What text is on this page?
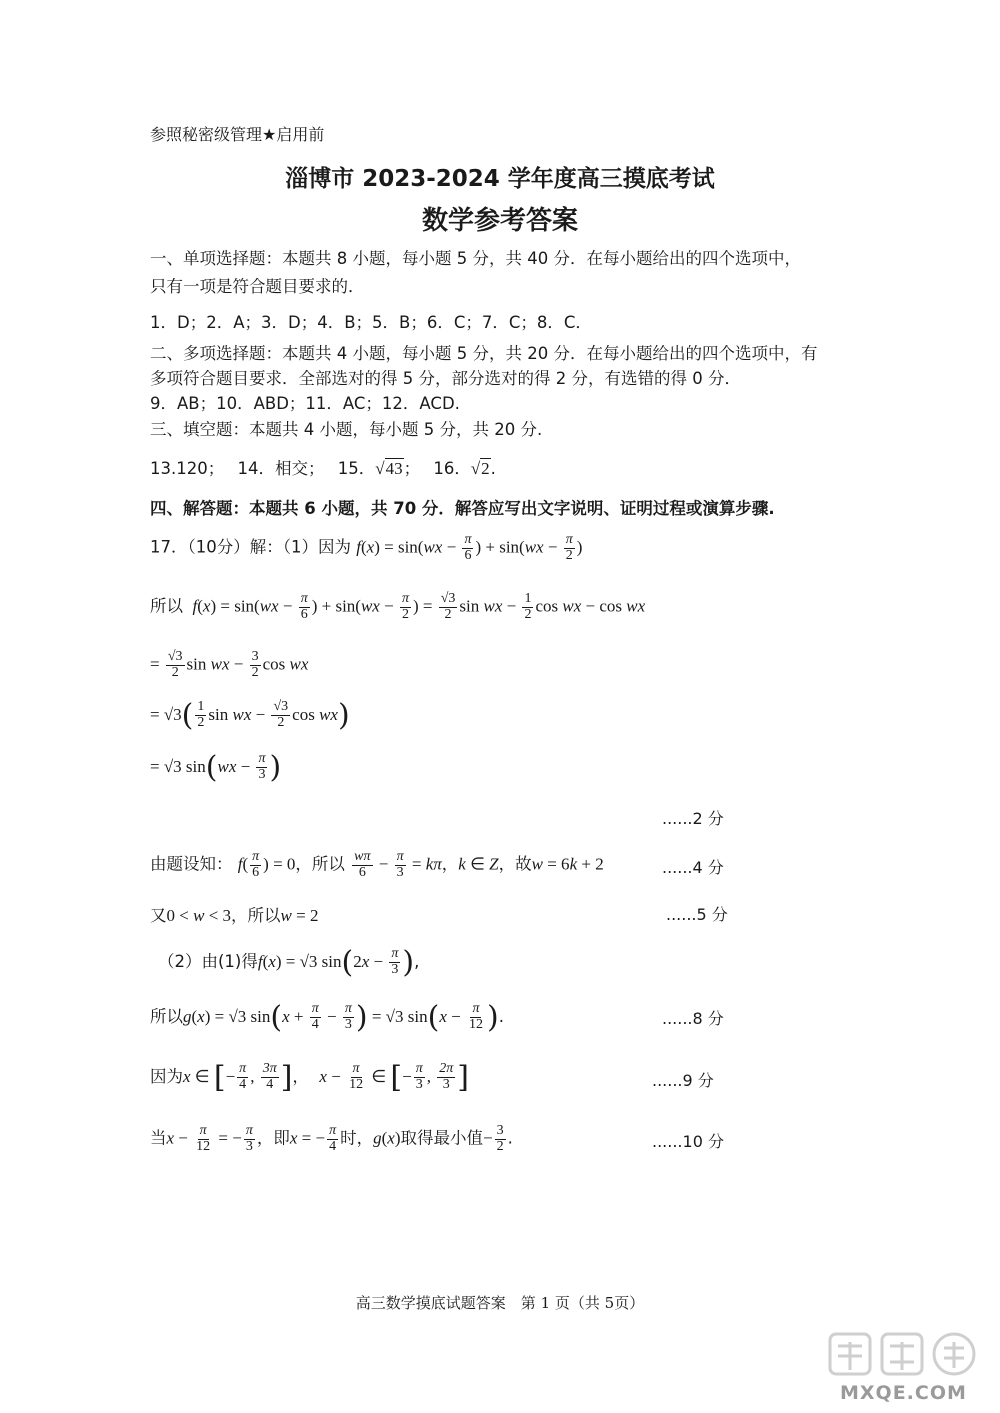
参照秘密级管理★启用前
淄博市 2023-2024 学年度高三摸底考试
数学参考答案
一、单项选择题：本题共 8 小题，每小题 5 分，共 40 分．在每小题给出的四个选项中，
只有一项是符合题目要求的．
1．D；2．A；3．D；4．B；5．B；6．C；7．C；8．C．
二、多项选择题：本题共 4 小题，每小题 5 分，共 20 分．在每小题给出的四个选项中，有
多项符合题目要求．全部选对的得 5 分，部分选对的得 2 分，有选错的得 0 分．
9．AB；10．ABD；11．AC；12．ACD.
三、填空题：本题共 4 小题，每小题 5 分，共 20 分.
13.120； 14．相交； 15．√43； 16．√2.
四、解答题：本题共 6 小题，共 70 分．解答应写出文字说明、证明过程或演算步骤.
17．（10分）解：（1）因为 $f(x) = \sin(wx - \frac{\pi}{6}$ ) + $\sin(wx - \frac{\pi}{2}$ )
所以  $f(x) = \sin(wx - \frac{\pi}{6}$ ) + $\sin(wx - \frac{\pi}{2}$ ) = $\frac{√3}{2}$ sin wx − $\frac{1}{2}$ cos wx − cos wx
= $\frac{√3}{2}$ sin wx − $\frac{3}{2}$ cos wx
= $√3( \frac{1}{2}$ sin wx − $\frac{√3}{2}$ cos wx)
= √3 $\sin(wx - \frac{\pi}{3}$ )
......2 分
由题设知： $f( \frac{\pi}{6}$ ) = 0，所以 $\frac{w\pi}{6} - \frac{\pi}{3} = k\pi$，k ∈ Z，故w = 6k + 2	......4 分
又0 < w < 3，所以w = 2	......5 分
（2）由(1)得f(x) = √3 $\sin(2x - \frac{\pi}{3}$ ),
所以g(x) = √3 $\sin(x + \frac{\pi}{4} - \frac{\pi}{3}$ ) = √3 $\sin(x - \frac{\pi}{12}$ ).	......8 分
因为x ∈ [− $\frac{\pi}{4}$ , $\frac{3\pi}{4}$ ]，  $x - \frac{\pi}{12}$ ∈ [− $\frac{\pi}{3}$ , $\frac{2\pi}{3}$ ]	......9 分
当$x - \frac{\pi}{12}$ = − $\frac{\pi}{3}$ ，即x = − $\frac{\pi}{4}$ 时，g(x)取得最小值− $\frac{3}{2}$ .	......10 分
高三数学摸底试题答案　第 1 页（共 5页）
MXQE.COM
